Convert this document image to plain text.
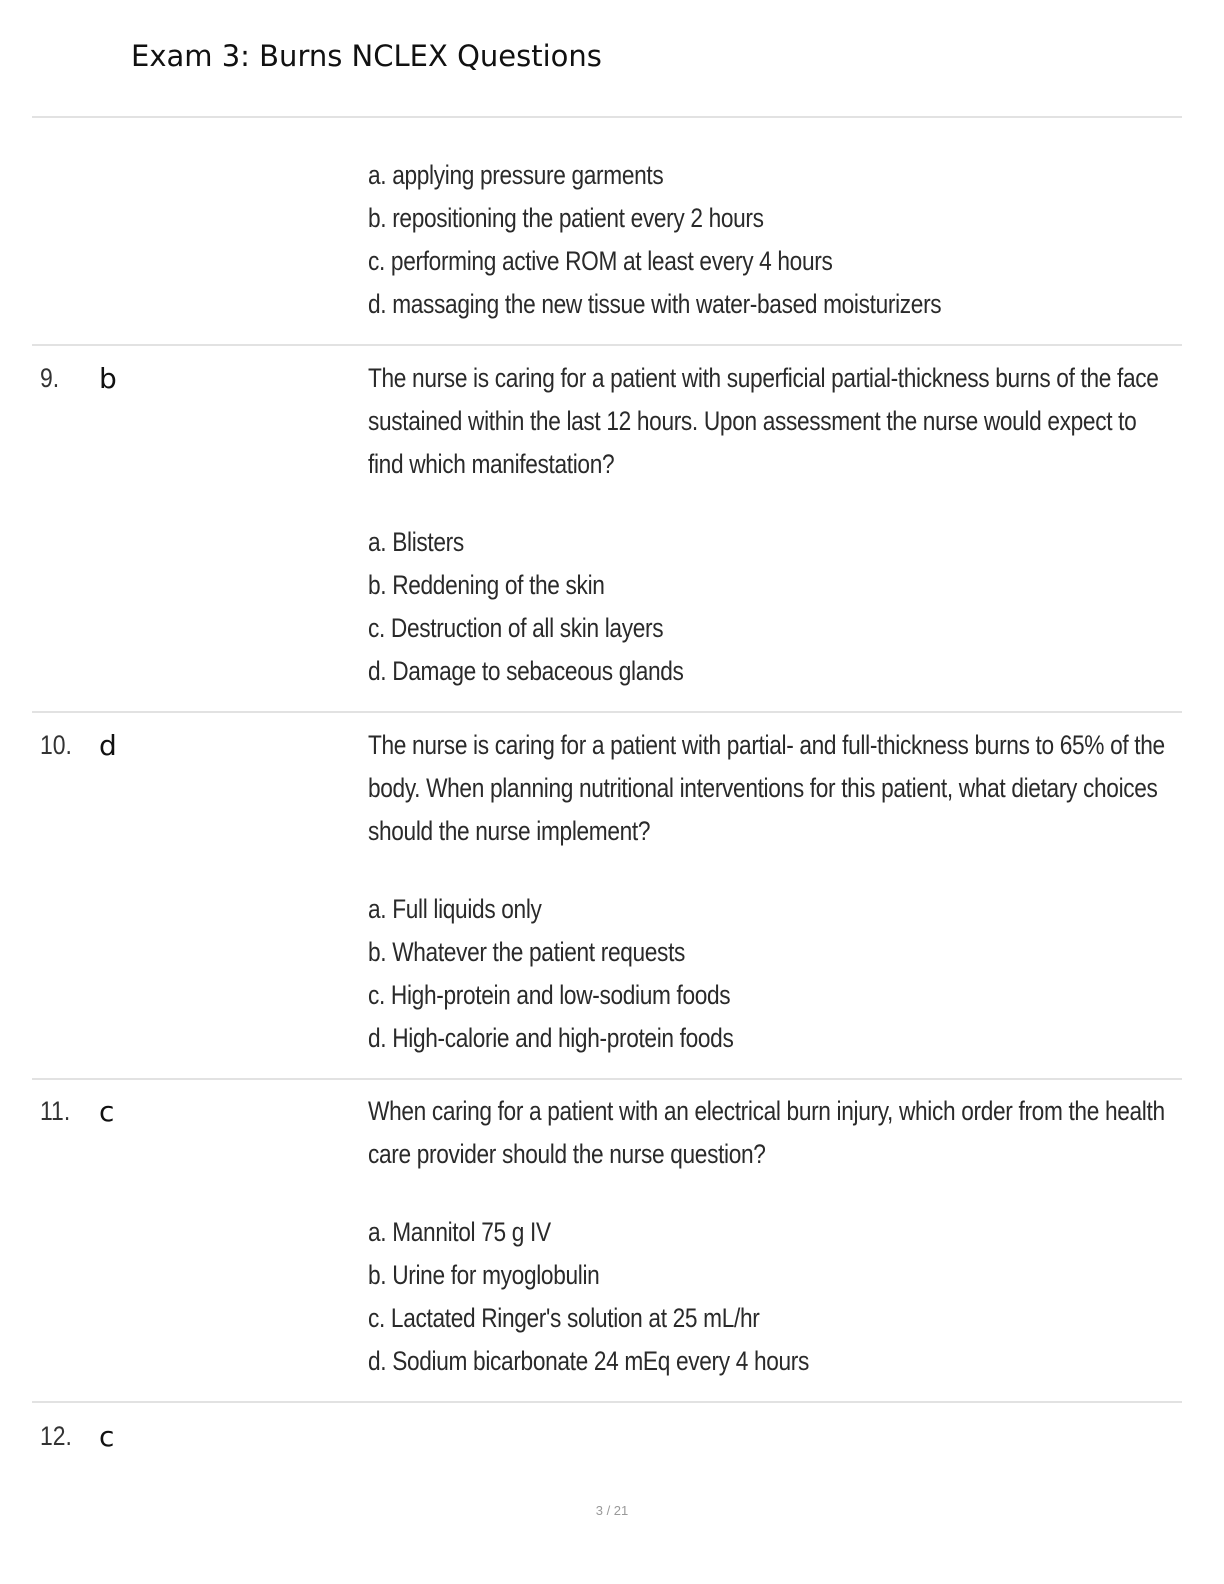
Exam 3: Burns NCLEX Questions
a. applying pressure garments
b. repositioning the patient every 2 hours
c. performing active ROM at least every 4 hours
d. massaging the new tissue with water-based moisturizers
9. b	The nurse is caring for a patient with superficial partial-thickness burns of the face
sustained within the last 12 hours. Upon assessment the nurse would expect to
find which manifestation?
a. Blisters
b. Reddening of the skin
c. Destruction of all skin layers
d. Damage to sebaceous glands
10. d	The nurse is caring for a patient with partial- and full-thickness burns to 65% of the
body. When planning nutritional interventions for this patient, what dietary choices
should the nurse implement?
a. Full liquids only
b. Whatever the patient requests
c. High-protein and low-sodium foods
d. High-calorie and high-protein foods
11. c	When caring for a patient with an electrical burn injury, which order from the health
care provider should the nurse question?
a. Mannitol 75 g IV
b. Urine for myoglobulin
c. Lactated Ringer's solution at 25 mL/hr
d. Sodium bicarbonate 24 mEq every 4 hours
12. c
3 / 21
